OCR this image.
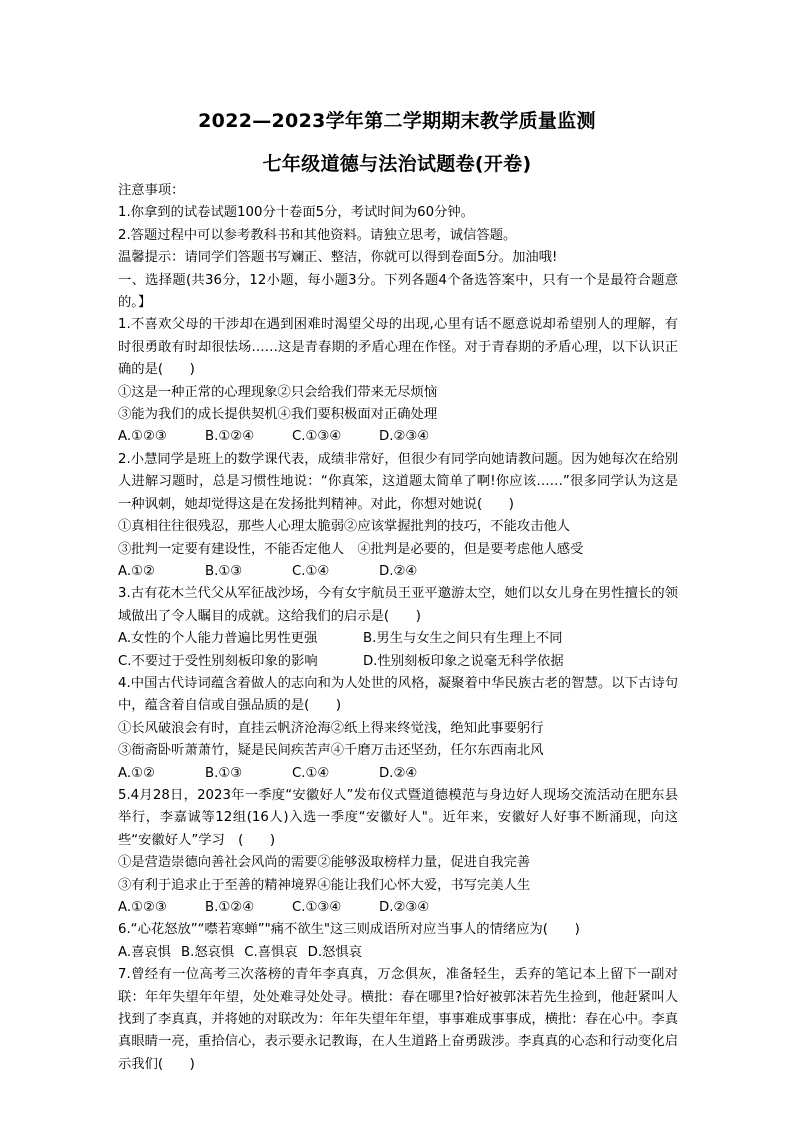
2022—2023学年第二学期期末教学质量监测
七年级道德与法治试题卷(开卷)

注意事项：

1.你拿到的试卷试题100分十卷面5分，考试时间为60分钟。

2.答题过程中可以参考教科书和其他资料。请独立思考，诚信答题。

温馨提示：请同学们答题书写斓正、整洁，你就可以得到卷面5分。加油哦!

一、选择题(共36分，12小题，每小题3分。下列各题4个备选答案中，只有一个是最符合题意的。】

1.不喜欢父母的干涉却在遇到困难时渴望父母的出现,心里有话不愿意说却希望别人的理解，有时很勇敢有时却很怯场……这是青春期的矛盾心理在作怪。对于青春期的矛盾心理，以下认识正确的是(　　)

①这是一种正常的心理现象②只会给我们带来无尽烦恼

③能为我们的成长提供契机④我们要积极面对正确处理

A.①②③	B.①②④	C.①③④	D.②③④

2.小慧同学是班上的数学课代表，成绩非常好，但很少有同学向她请教问题。因为她每次在给别人进解习题时，总是习惯性地说：“你真笨，这道题太简单了啊!你应该……”很多同学认为这是一种讽刺，她却觉得这是在发扬批判精神。对此，你想对她说(　　)

①真相往往很残忍，那些人心理太脆弱②应该掌握批判的技巧，不能攻击他人

③批判一定要有建设性，不能否定他人　④批判是必要的，但是要考虑他人感受

A.①②	B.①③	C.①④	D.②④

3.古有花木兰代父从军征战沙场，今有女宇航员王亚平邀游太空，她们以女儿身在男性擅长的领域做出了令人瞩目的成就。这给我们的启示是(　　)

A.女性的个人能力普遍比男性更强	B.男生与女生之间只有生理上不同

C.不要过于受性别刻板印象的影响	D.性别刻板印象之说毫无科学依据

4.中国古代诗词蕴含着做人的志向和为人处世的风格，凝聚着中华民族古老的智慧。以下古诗句中，蕴含着自信或自强品质的是(　　)

①长风破浪会有时，直挂云帆济沧海②纸上得来终觉浅，绝知此事要躬行

③衙斋卧听萧萧竹，疑是民间疾苦声④千磨万击还坚劲，任尔东西南北风

A.①②	B.①③	C.①④	D.②④

5.4月28日，2023年一季度“安徽好人”发布仪式暨道德模范与身边好人现场交流活动在肥东县举行，李嘉诚等12组(16人)入选一季度“安徽好人"。近年来，安徽好人好事不断涌现，向这些“安徽好人”学习　(　　)

①是营造崇德向善社会风尚的需要②能够汲取榜样力量，促进自我完善

③有利于追求止于至善的精神境界④能让我们心怀大爱，书写完美人生

A.①②③	B.①②④	C.①③④	D.②③④

6.“心花怒放”“噤若寒蝉”"痛不欲生"这三则成语所对应当事人的情绪应为(　　)

A.喜哀惧 B.怒哀惧 C.喜惧哀 D.怒惧哀

7.曾经有一位高考三次落榜的青年李真真，万念俱灰，准备轻生，丢弃的笔记本上留下一副对联：年年失望年年望，处处难寻处处寻。横批：春在哪里?恰好被郭沫若先生捡到，他赶紧叫人找到了李真真，并将她的对联改为：年年失望年年望，事事难成事事成，横批：春在心中。李真真眼睛一亮，重拾信心，表示要永记教诲，在人生道路上奋勇跋涉。李真真的心态和行动变化启示我们(　　)
